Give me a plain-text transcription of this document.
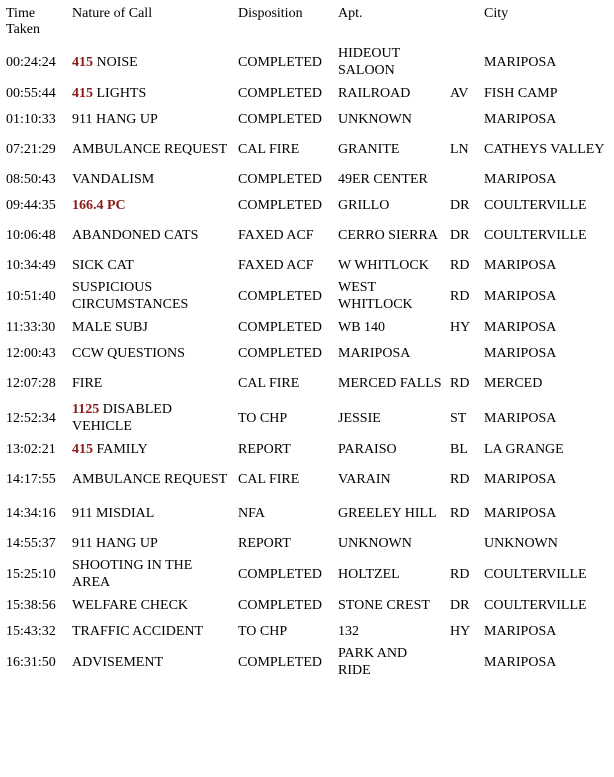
Time Taken	Nature of Call	Disposition	Apt.		City
00:24:24	415 NOISE	COMPLETED	HIDEOUT SALOON		MARIPOSA
00:55:44	415 LIGHTS	COMPLETED	RAILROAD	AV	FISH CAMP
01:10:33	911 HANG UP	COMPLETED	UNKNOWN		MARIPOSA
07:21:29	AMBULANCE REQUEST	CAL FIRE	GRANITE	LN	CATHEYS VALLEY
08:50:43	VANDALISM	COMPLETED	49ER CENTER		MARIPOSA
09:44:35	166.4 PC	COMPLETED	GRILLO	DR	COULTERVILLE
10:06:48	ABANDONED CATS	FAXED ACF	CERRO SIERRA	DR	COULTERVILLE
10:34:49	SICK CAT	FAXED ACF	W WHITLOCK	RD	MARIPOSA
10:51:40	SUSPICIOUS CIRCUMSTANCES	COMPLETED	WEST WHITLOCK	RD	MARIPOSA
11:33:30	MALE SUBJ	COMPLETED	WB 140	HY	MARIPOSA
12:00:43	CCW QUESTIONS	COMPLETED	MARIPOSA		MARIPOSA
12:07:28	FIRE	CAL FIRE	MERCED FALLS	RD	MERCED
12:52:34	1125 DISABLED VEHICLE	TO CHP	JESSIE	ST	MARIPOSA
13:02:21	415 FAMILY	REPORT	PARAISO	BL	LA GRANGE
14:17:55	AMBULANCE REQUEST	CAL FIRE	VARAIN	RD	MARIPOSA
14:34:16	911 MISDIAL	NFA	GREELEY HILL	RD	MARIPOSA
14:55:37	911 HANG UP	REPORT	UNKNOWN		UNKNOWN
15:25:10	SHOOTING IN THE AREA	COMPLETED	HOLTZEL	RD	COULTERVILLE
15:38:56	WELFARE CHECK	COMPLETED	STONE CREST	DR	COULTERVILLE
15:43:32	TRAFFIC ACCIDENT	TO CHP	132	HY	MARIPOSA
16:31:50	ADVISEMENT	COMPLETED	PARK AND RIDE		MARIPOSA
